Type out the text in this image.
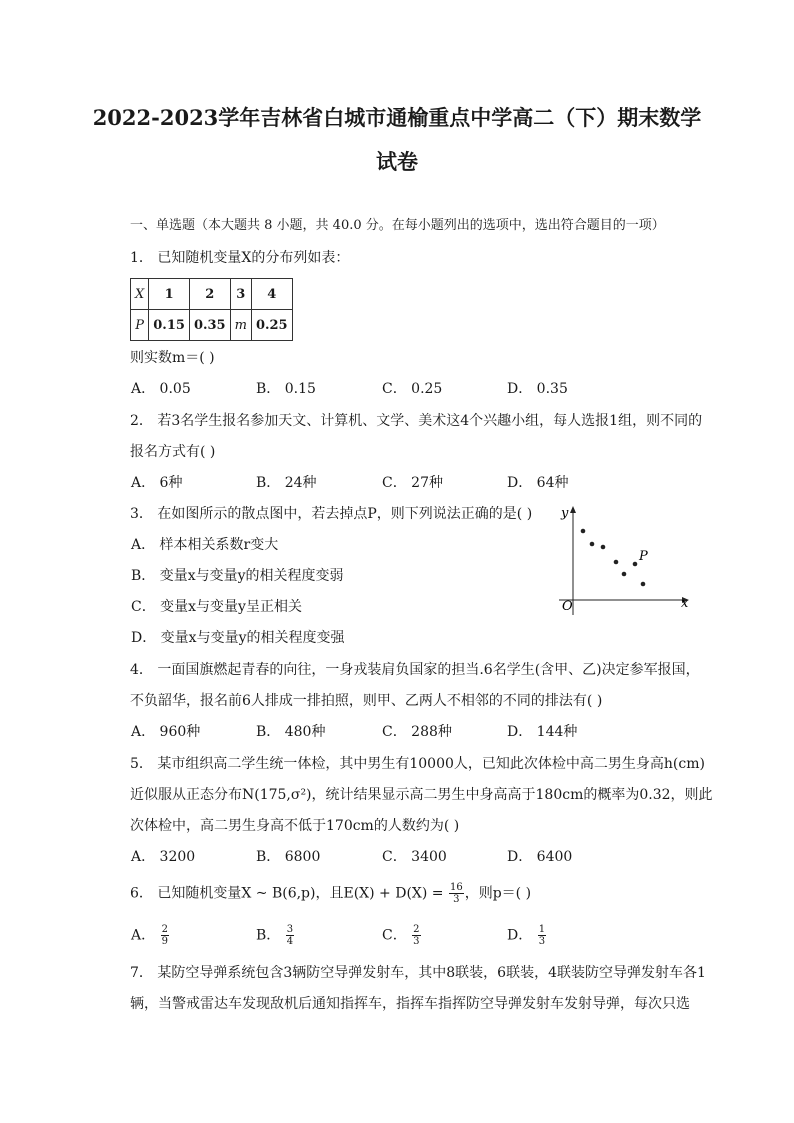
2022-2023学年吉林省白城市通榆重点中学高二（下）期末数学
试卷
一、单选题（本大题共 8 小题，共 40.0 分。在每小题列出的选项中，选出符合题目的一项）
1． 已知随机变量X的分布列如表：
X	1	2	3	4
P	0.15	0.35	m	0.25
则实数m＝( )
A． 0.05	B． 0.15	C． 0.25	D． 0.35
2． 若3名学生报名参加天文、计算机、文学、美术这4个兴趣小组，每人选报1组，则不同的
报名方式有( )
A． 6种	B． 24种	C． 27种	D． 64种
3． 在如图所示的散点图中，若去掉点P，则下列说法正确的是( )
A． 样本相关系数r变大
B． 变量x与变量y的相关程度变弱
C． 变量x与变量y呈正相关
D． 变量x与变量y的相关程度变强
y
x
O
P
4． 一面国旗燃起青春的向往，一身戎装肩负国家的担当.6名学生(含甲、乙)决定参军报国，
不负韶华，报名前6人排成一排拍照，则甲、乙两人不相邻的不同的排法有( )
A． 960种	B． 480种	C． 288种	D． 144种
5． 某市组织高二学生统一体检，其中男生有10000人，已知此次体检中高二男生身高h(cm)
近似服从正态分布N(175,σ²)，统计结果显示高二男生中身高高于180cm的概率为0.32，则此
次体检中，高二男生身高不低于170cm的人数约为( )
A． 3200	B． 6800	C． 3400	D． 6400
6． 已知随机变量X ~ B(6,p)，且$E(X) + D(X) = \frac{16}{3}$ ，则p＝( )
A． $\frac{2}{9}$	B． $\frac{3}{4}$	C． $\frac{2}{3}$	D． $\frac{1}{3}$
7． 某防空导弹系统包含3辆防空导弹发射车，其中8联装，6联装，4联装防空导弹发射车各1
辆，当警戒雷达车发现敌机后通知指挥车，指挥车指挥防空导弹发射车发射导弹，每次只选
